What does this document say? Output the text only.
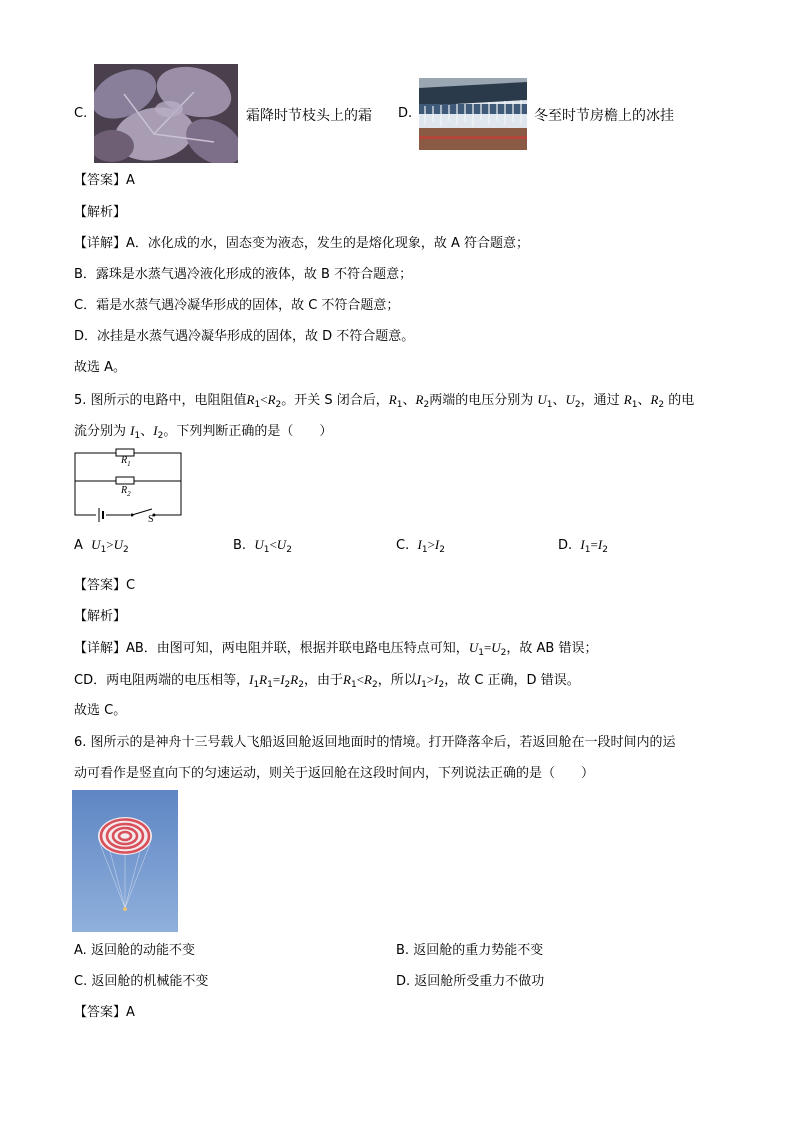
C.	霜降时节枝头上的霜 D.	冬至时节房檐上的冰挂
【答案】A
【解析】
【详解】A．冰化成的水，固态变为液态，发生的是熔化现象，故 A 符合题意；
B．露珠是水蒸气遇冷液化形成的液体，故 B 不符合题意；
C．霜是水蒸气遇冷凝华形成的固体，故 C 不符合题意；
D．冰挂是水蒸气遇冷凝华形成的固体，故 D 不符合题意。
故选 A。
5. 图所示的电路中，电阻阻值$R_1<R_2$。开关 S 闭合后，$R_1$、$R_2$两端的电压分别为 $U_1$、$U_2$，通过 $R_1$、$R_2$ 的电
流分别为 $I_1$、$I_2$。下列判断正确的是（　　）
$R_1$
$R_2$
S
A $U_1>U_2$	B. $U_1<U_2$	C. $I_1>I_2$	D. $I_1=I_2$
【答案】C
【解析】
【详解】AB．由图可知，两电阻并联，根据并联电路电压特点可知，$U_1=U_2$，故 AB 错误；
CD．两电阻两端的电压相等，$I_1R_1=I_2R_2$，由于$R_1<R_2$，所以$I_1>I_2$，故 C 正确，D 错误。
故选 C。
6. 图所示的是神舟十三号载人飞船返回舱返回地面时的情境。打开降落伞后，若返回舱在一段时间内的运
动可看作是竖直向下的匀速运动，则关于返回舱在这段时间内，下列说法正确的是（　　）
A. 返回舱的动能不变	B. 返回舱的重力势能不变
C. 返回舱的机械能不变	D. 返回舱所受重力不做功
【答案】A
